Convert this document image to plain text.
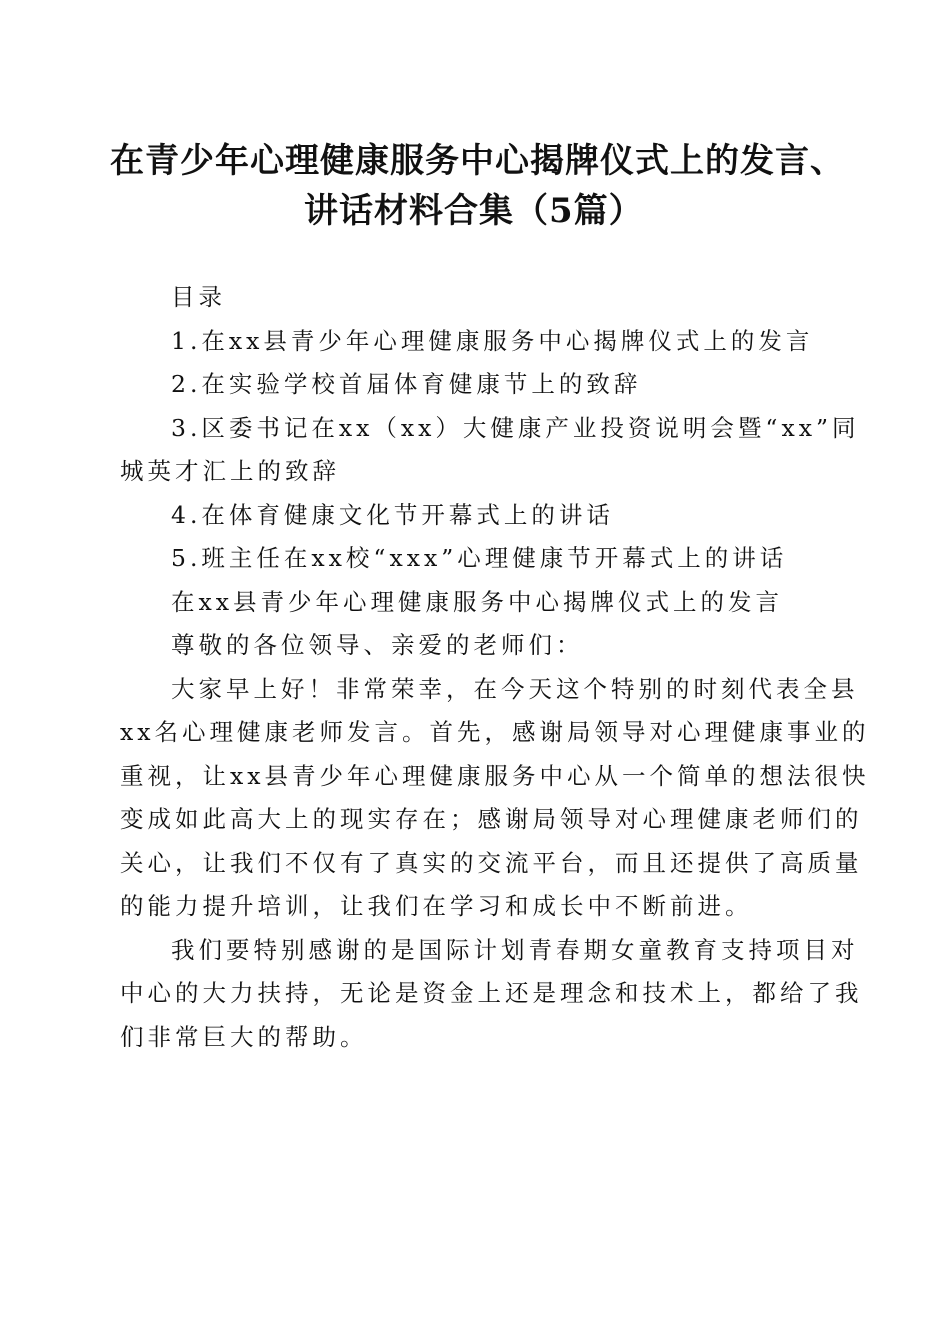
在青少年心理健康服务中心揭牌仪式上的发言、
讲话材料合集（5篇）

目录

1.在xx县青少年心理健康服务中心揭牌仪式上的发言

2.在实验学校首届体育健康节上的致辞

3.区委书记在xx（xx）大健康产业投资说明会暨“xx”同
城英才汇上的致辞

4.在体育健康文化节开幕式上的讲话

5.班主任在xx校“xxx”心理健康节开幕式上的讲话

在xx县青少年心理健康服务中心揭牌仪式上的发言

尊敬的各位领导、亲爱的老师们：

大家早上好！非常荣幸，在今天这个特别的时刻代表全县
xx名心理健康老师发言。首先，感谢局领导对心理健康事业的
重视，让xx县青少年心理健康服务中心从一个简单的想法很快
变成如此高大上的现实存在；感谢局领导对心理健康老师们的
关心，让我们不仅有了真实的交流平台，而且还提供了高质量
的能力提升培训，让我们在学习和成长中不断前进。

我们要特别感谢的是国际计划青春期女童教育支持项目对
中心的大力扶持，无论是资金上还是理念和技术上，都给了我
们非常巨大的帮助。
